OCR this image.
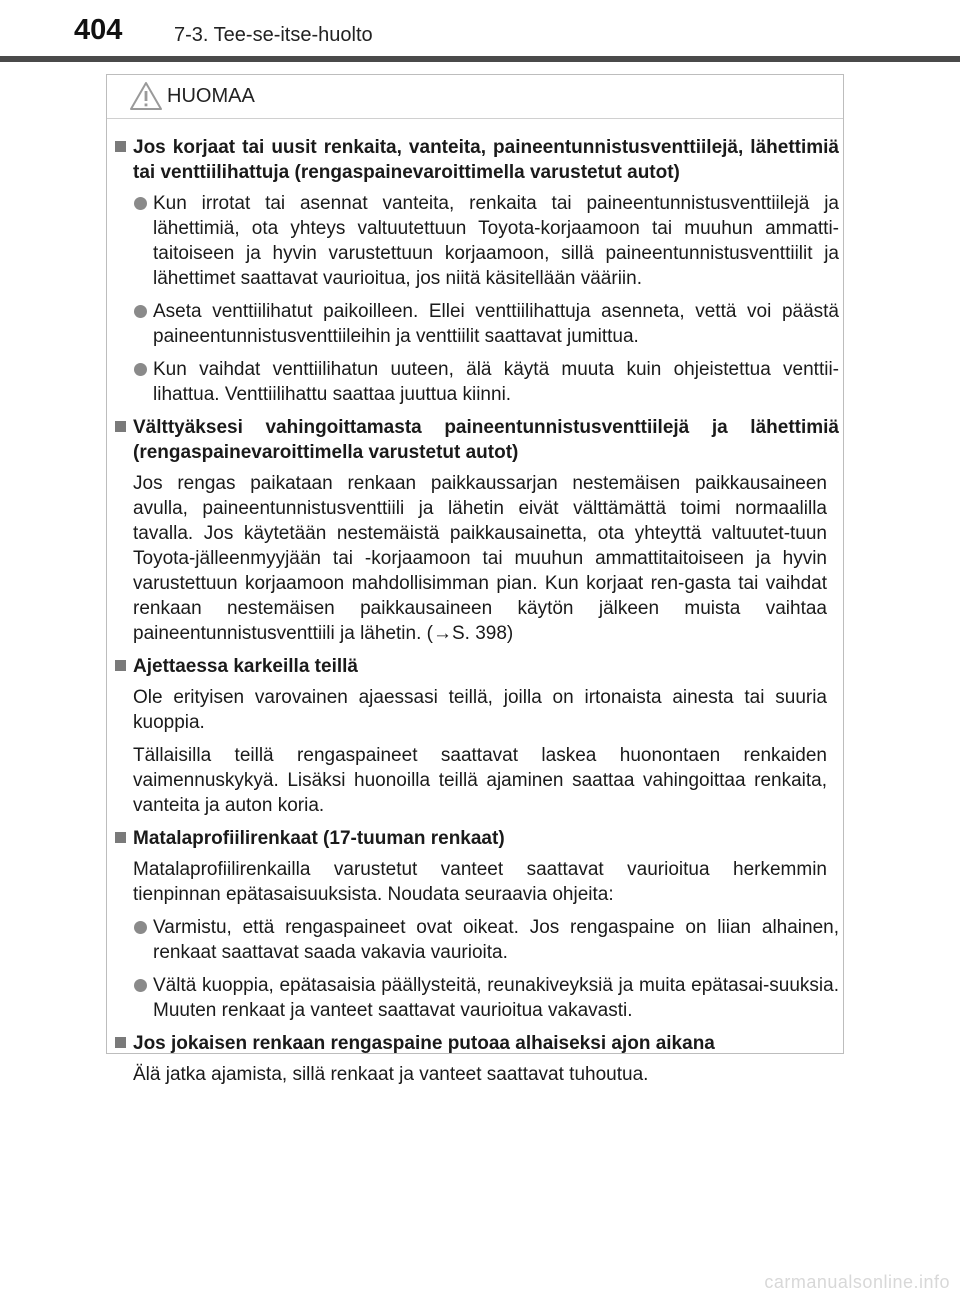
404	7-3. Tee-se-itse-huolto
HUOMAA
Jos korjaat tai uusit renkaita, vanteita, paineentunnistusventtiilejä, lähettimiä tai venttiilihattuja (rengaspainevaroittimella varustetut autot)
Kun irrotat tai asennat vanteita, renkaita tai paineentunnistusventtiilejä ja lähettimiä, ota yhteys valtuutettuun Toyota-korjaamoon tai muuhun ammatti-taitoiseen ja hyvin varustettuun korjaamoon, sillä paineentunnistusventtiilit ja lähettimet saattavat vaurioitua, jos niitä käsitellään vääriin.
Aseta venttiilihatut paikoilleen. Ellei venttiilihattuja asenneta, vettä voi päästä paineentunnistusventtiileihin ja venttiilit saattavat jumittua.
Kun vaihdat venttiilihatun uuteen, älä käytä muuta kuin ohjeistettua venttii-lihattua. Venttiilihattu saattaa juuttua kiinni.
Välttyäksesi vahingoittamasta paineentunnistusventtiilejä ja lähettimiä (rengaspainevaroittimella varustetut autot)
Jos rengas paikataan renkaan paikkaussarjan nestemäisen paikkausaineen avulla, paineentunnistusventtiili ja lähetin eivät välttämättä toimi normaalilla tavalla. Jos käytetään nestemäistä paikkausainetta, ota yhteyttä valtuutet-tuun Toyota-jälleenmyyjään tai -korjaamoon tai muuhun ammattitaitoiseen ja hyvin varustettuun korjaamoon mahdollisimman pian. Kun korjaat ren-gasta tai vaihdat renkaan nestemäisen paikkausaineen käytön jälkeen muista vaihtaa paineentunnistusventtiili ja lähetin. (→S. 398)
Ajettaessa karkeilla teillä
Ole erityisen varovainen ajaessasi teillä, joilla on irtonaista ainesta tai suuria kuoppia.
Tällaisilla teillä rengaspaineet saattavat laskea huonontaen renkaiden vaimennuskykyä. Lisäksi huonoilla teillä ajaminen saattaa vahingoittaa renkaita, vanteita ja auton koria.
Matalaprofiilirenkaat (17-tuuman renkaat)
Matalaprofiilirenkailla varustetut vanteet saattavat vaurioitua herkemmin tienpinnan epätasaisuuksista. Noudata seuraavia ohjeita:
Varmistu, että rengaspaineet ovat oikeat. Jos rengaspaine on liian alhainen, renkaat saattavat saada vakavia vaurioita.
Vältä kuoppia, epätasaisia päällysteitä, reunakiveyksiä ja muita epätasai-suuksia. Muuten renkaat ja vanteet saattavat vaurioitua vakavasti.
Jos jokaisen renkaan rengaspaine putoaa alhaiseksi ajon aikana
Älä jatka ajamista, sillä renkaat ja vanteet saattavat tuhoutua.
carmanualsonline.info
